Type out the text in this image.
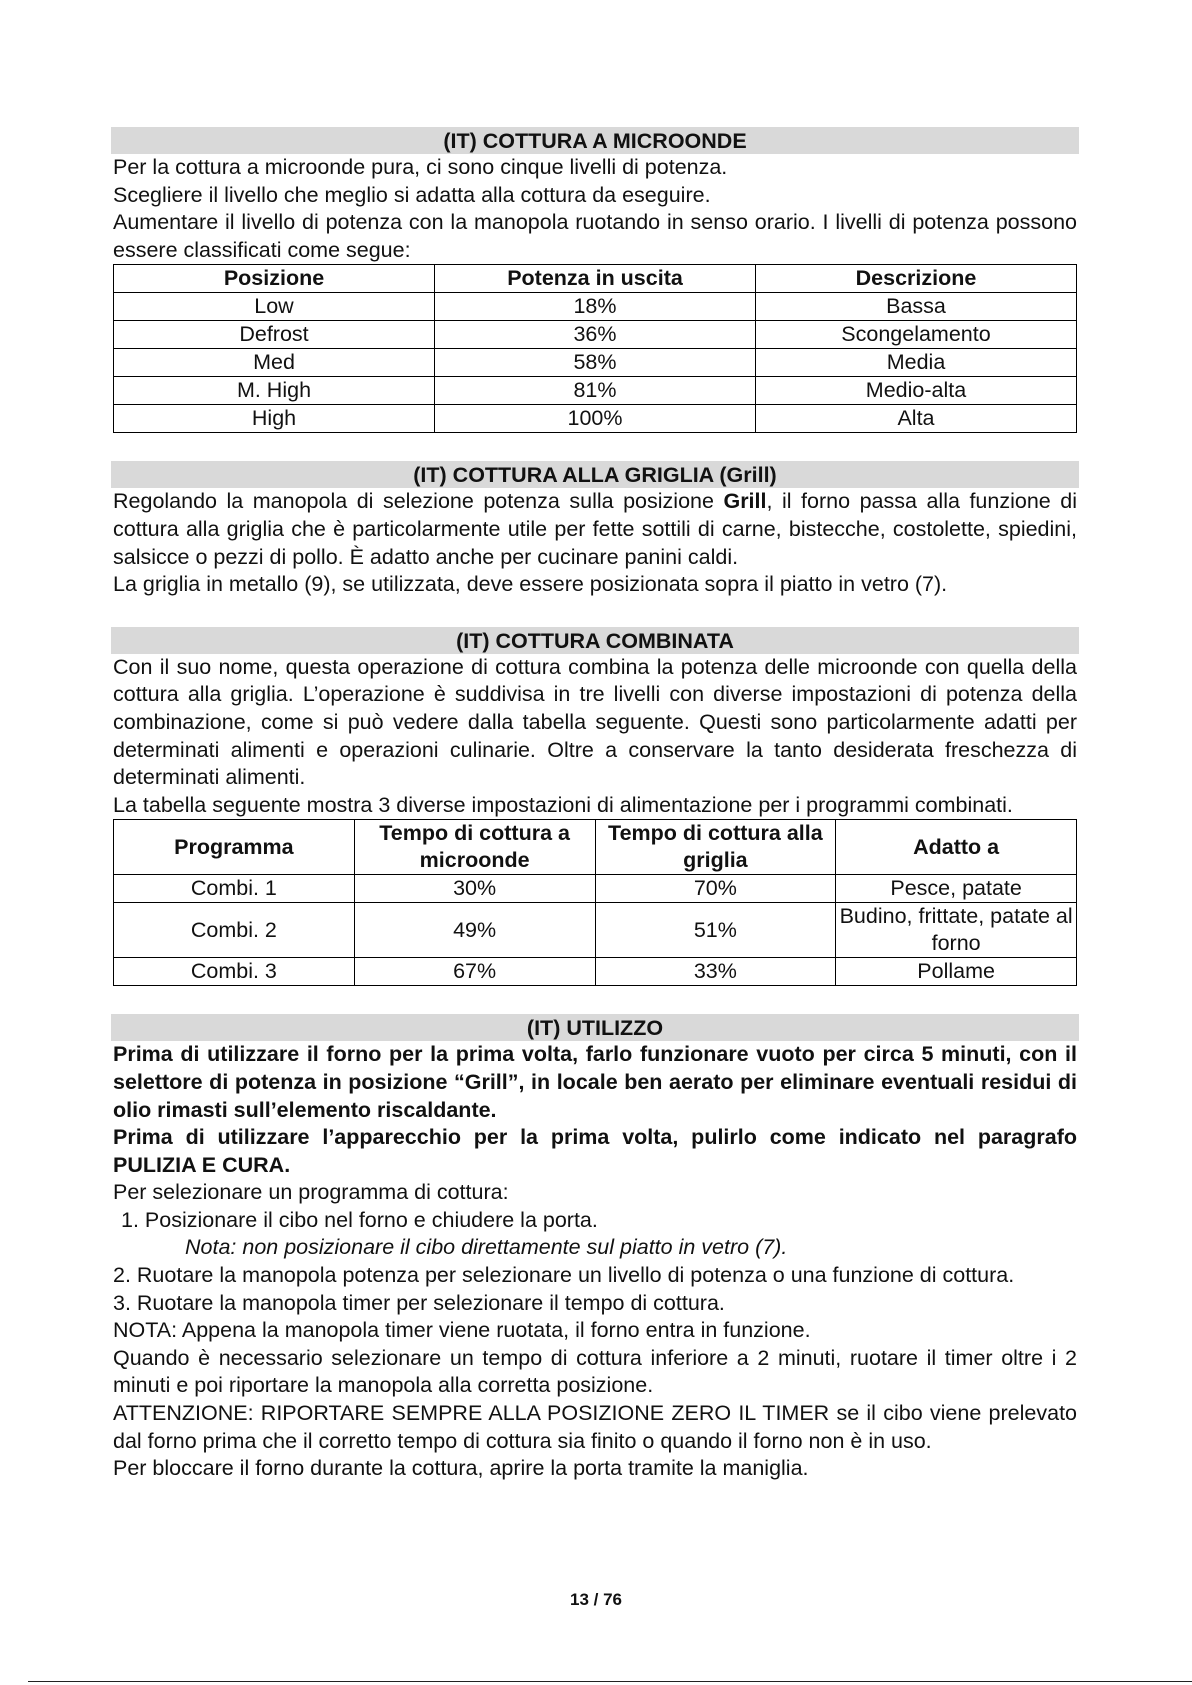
(IT) COTTURA A MICROONDE

Per la cottura a microonde pura, ci sono cinque livelli di potenza.

Scegliere il livello che meglio si adatta alla cottura da eseguire.

Aumentare il livello di potenza con la manopola ruotando in senso orario. I livelli di potenza possono essere classificati come segue:

Posizione	Potenza in uscita	Descrizione
Low	18%	Bassa
Defrost	36%	Scongelamento
Med	58%	Media
M. High	81%	Medio-alta
High	100%	Alta
(IT) COTTURA ALLA GRIGLIA (Grill)

Regolando la manopola di selezione potenza sulla posizione Grill, il forno passa alla funzione di cottura alla griglia che è particolarmente utile per fette sottili di carne, bistecche, costolette, spiedini, salsicce o pezzi di pollo. È adatto anche per cucinare panini caldi.

La griglia in metallo (9), se utilizzata, deve essere posizionata sopra il piatto in vetro (7).

(IT) COTTURA COMBINATA

Con il suo nome, questa operazione di cottura combina la potenza delle microonde con quella della cottura alla griglia. L’operazione è suddivisa in tre livelli con diverse impostazioni di potenza della combinazione, come si può vedere dalla tabella seguente. Questi sono particolarmente adatti per determinati alimenti e operazioni culinarie. Oltre a conservare la tanto desiderata freschezza di determinati alimenti.

La tabella seguente mostra 3 diverse impostazioni di alimentazione per i programmi combinati.

Programma	Tempo di cottura a microonde	Tempo di cottura alla griglia	Adatto a
Combi. 1	30%	70%	Pesce, patate
Combi. 2	49%	51%	Budino, frittate, patate al forno
Combi. 3	67%	33%	Pollame
(IT) UTILIZZO

Prima di utilizzare il forno per la prima volta, farlo funzionare vuoto per circa 5 minuti, con il selettore di potenza in posizione “Grill”, in locale ben aerato per eliminare eventuali residui di olio rimasti sull’elemento riscaldante.

Prima di utilizzare l’apparecchio per la prima volta, pulirlo come indicato nel paragrafo PULIZIA E CURA.

Per selezionare un programma di cottura:

1. Posizionare il cibo nel forno e chiudere la porta.

Nota: non posizionare il cibo direttamente sul piatto in vetro (7).

2. Ruotare la manopola potenza per selezionare un livello di potenza o una funzione di cottura.

3. Ruotare la manopola timer per selezionare il tempo di cottura.

NOTA: Appena la manopola timer viene ruotata, il forno entra in funzione.

Quando è necessario selezionare un tempo di cottura inferiore a 2 minuti, ruotare il timer oltre i 2 minuti e poi riportare la manopola alla corretta posizione.

ATTENZIONE: RIPORTARE SEMPRE ALLA POSIZIONE ZERO IL TIMER se il cibo viene prelevato dal forno prima che il corretto tempo di cottura sia finito o quando il forno non è in uso.

Per bloccare il forno durante la cottura, aprire la porta tramite la maniglia.

13 / 76
